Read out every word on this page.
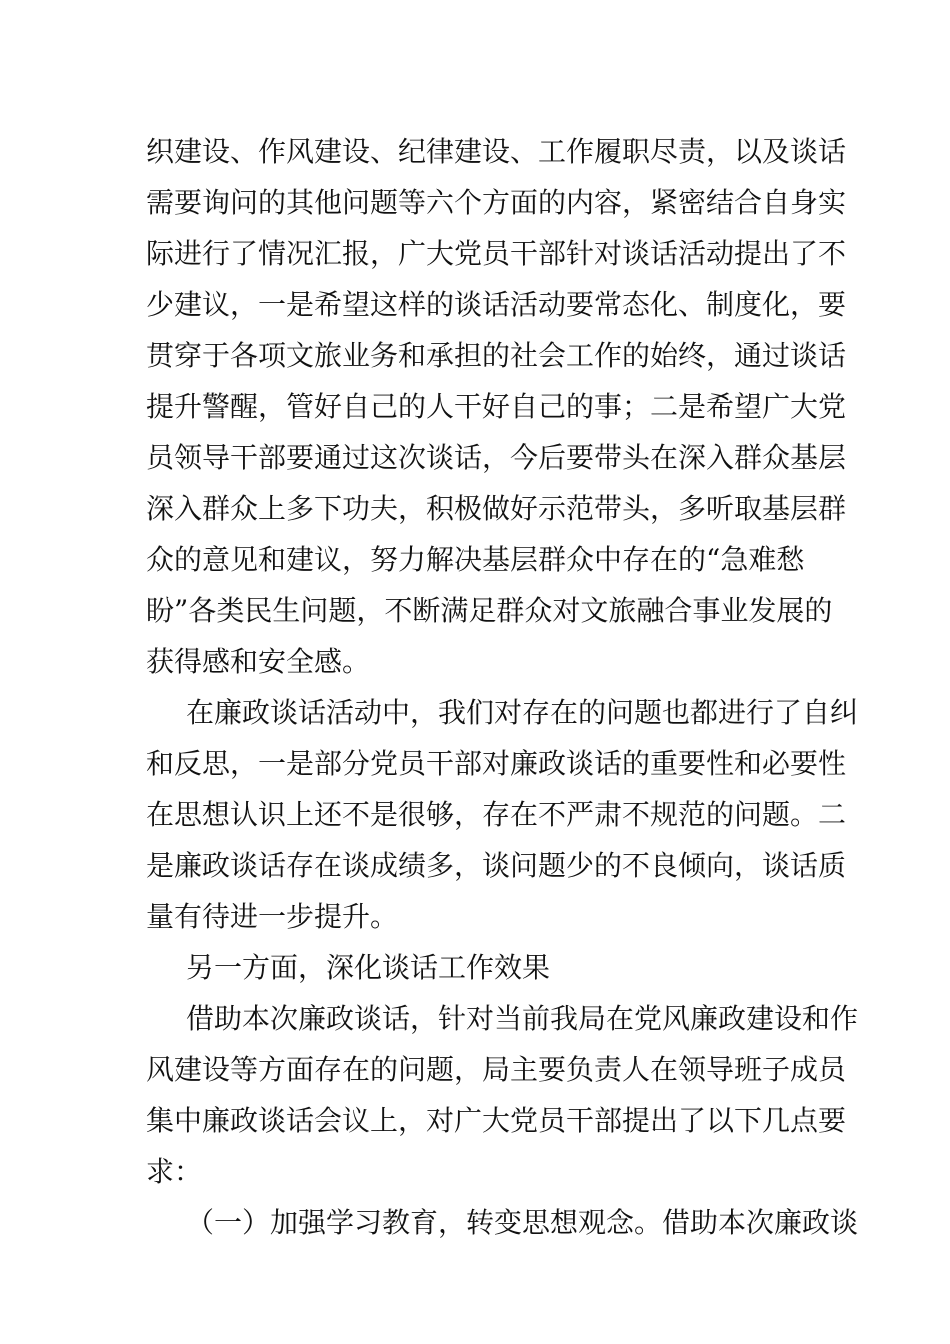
织建设、作风建设、纪律建设、工作履职尽责，以及谈话
需要询问的其他问题等六个方面的内容，紧密结合自身实
际进行了情况汇报，广大党员干部针对谈话活动提出了不
少建议，一是希望这样的谈话活动要常态化、制度化，要
贯穿于各项文旅业务和承担的社会工作的始终，通过谈话
提升警醒，管好自己的人干好自己的事；二是希望广大党
员领导干部要通过这次谈话，今后要带头在深入群众基层
深入群众上多下功夫，积极做好示范带头，多听取基层群
众的意见和建议，努力解决基层群众中存在的“急难愁
盼”各类民生问题，不断满足群众对文旅融合事业发展的
获得感和安全感。
在廉政谈话活动中，我们对存在的问题也都进行了自纠
和反思，一是部分党员干部对廉政谈话的重要性和必要性
在思想认识上还不是很够，存在不严肃不规范的问题。二
是廉政谈话存在谈成绩多，谈问题少的不良倾向，谈话质
量有待进一步提升。
另一方面，深化谈话工作效果
借助本次廉政谈话，针对当前我局在党风廉政建设和作
风建设等方面存在的问题，局主要负责人在领导班子成员
集中廉政谈话会议上，对广大党员干部提出了以下几点要
求：
（一）加强学习教育，转变思想观念。借助本次廉政谈
